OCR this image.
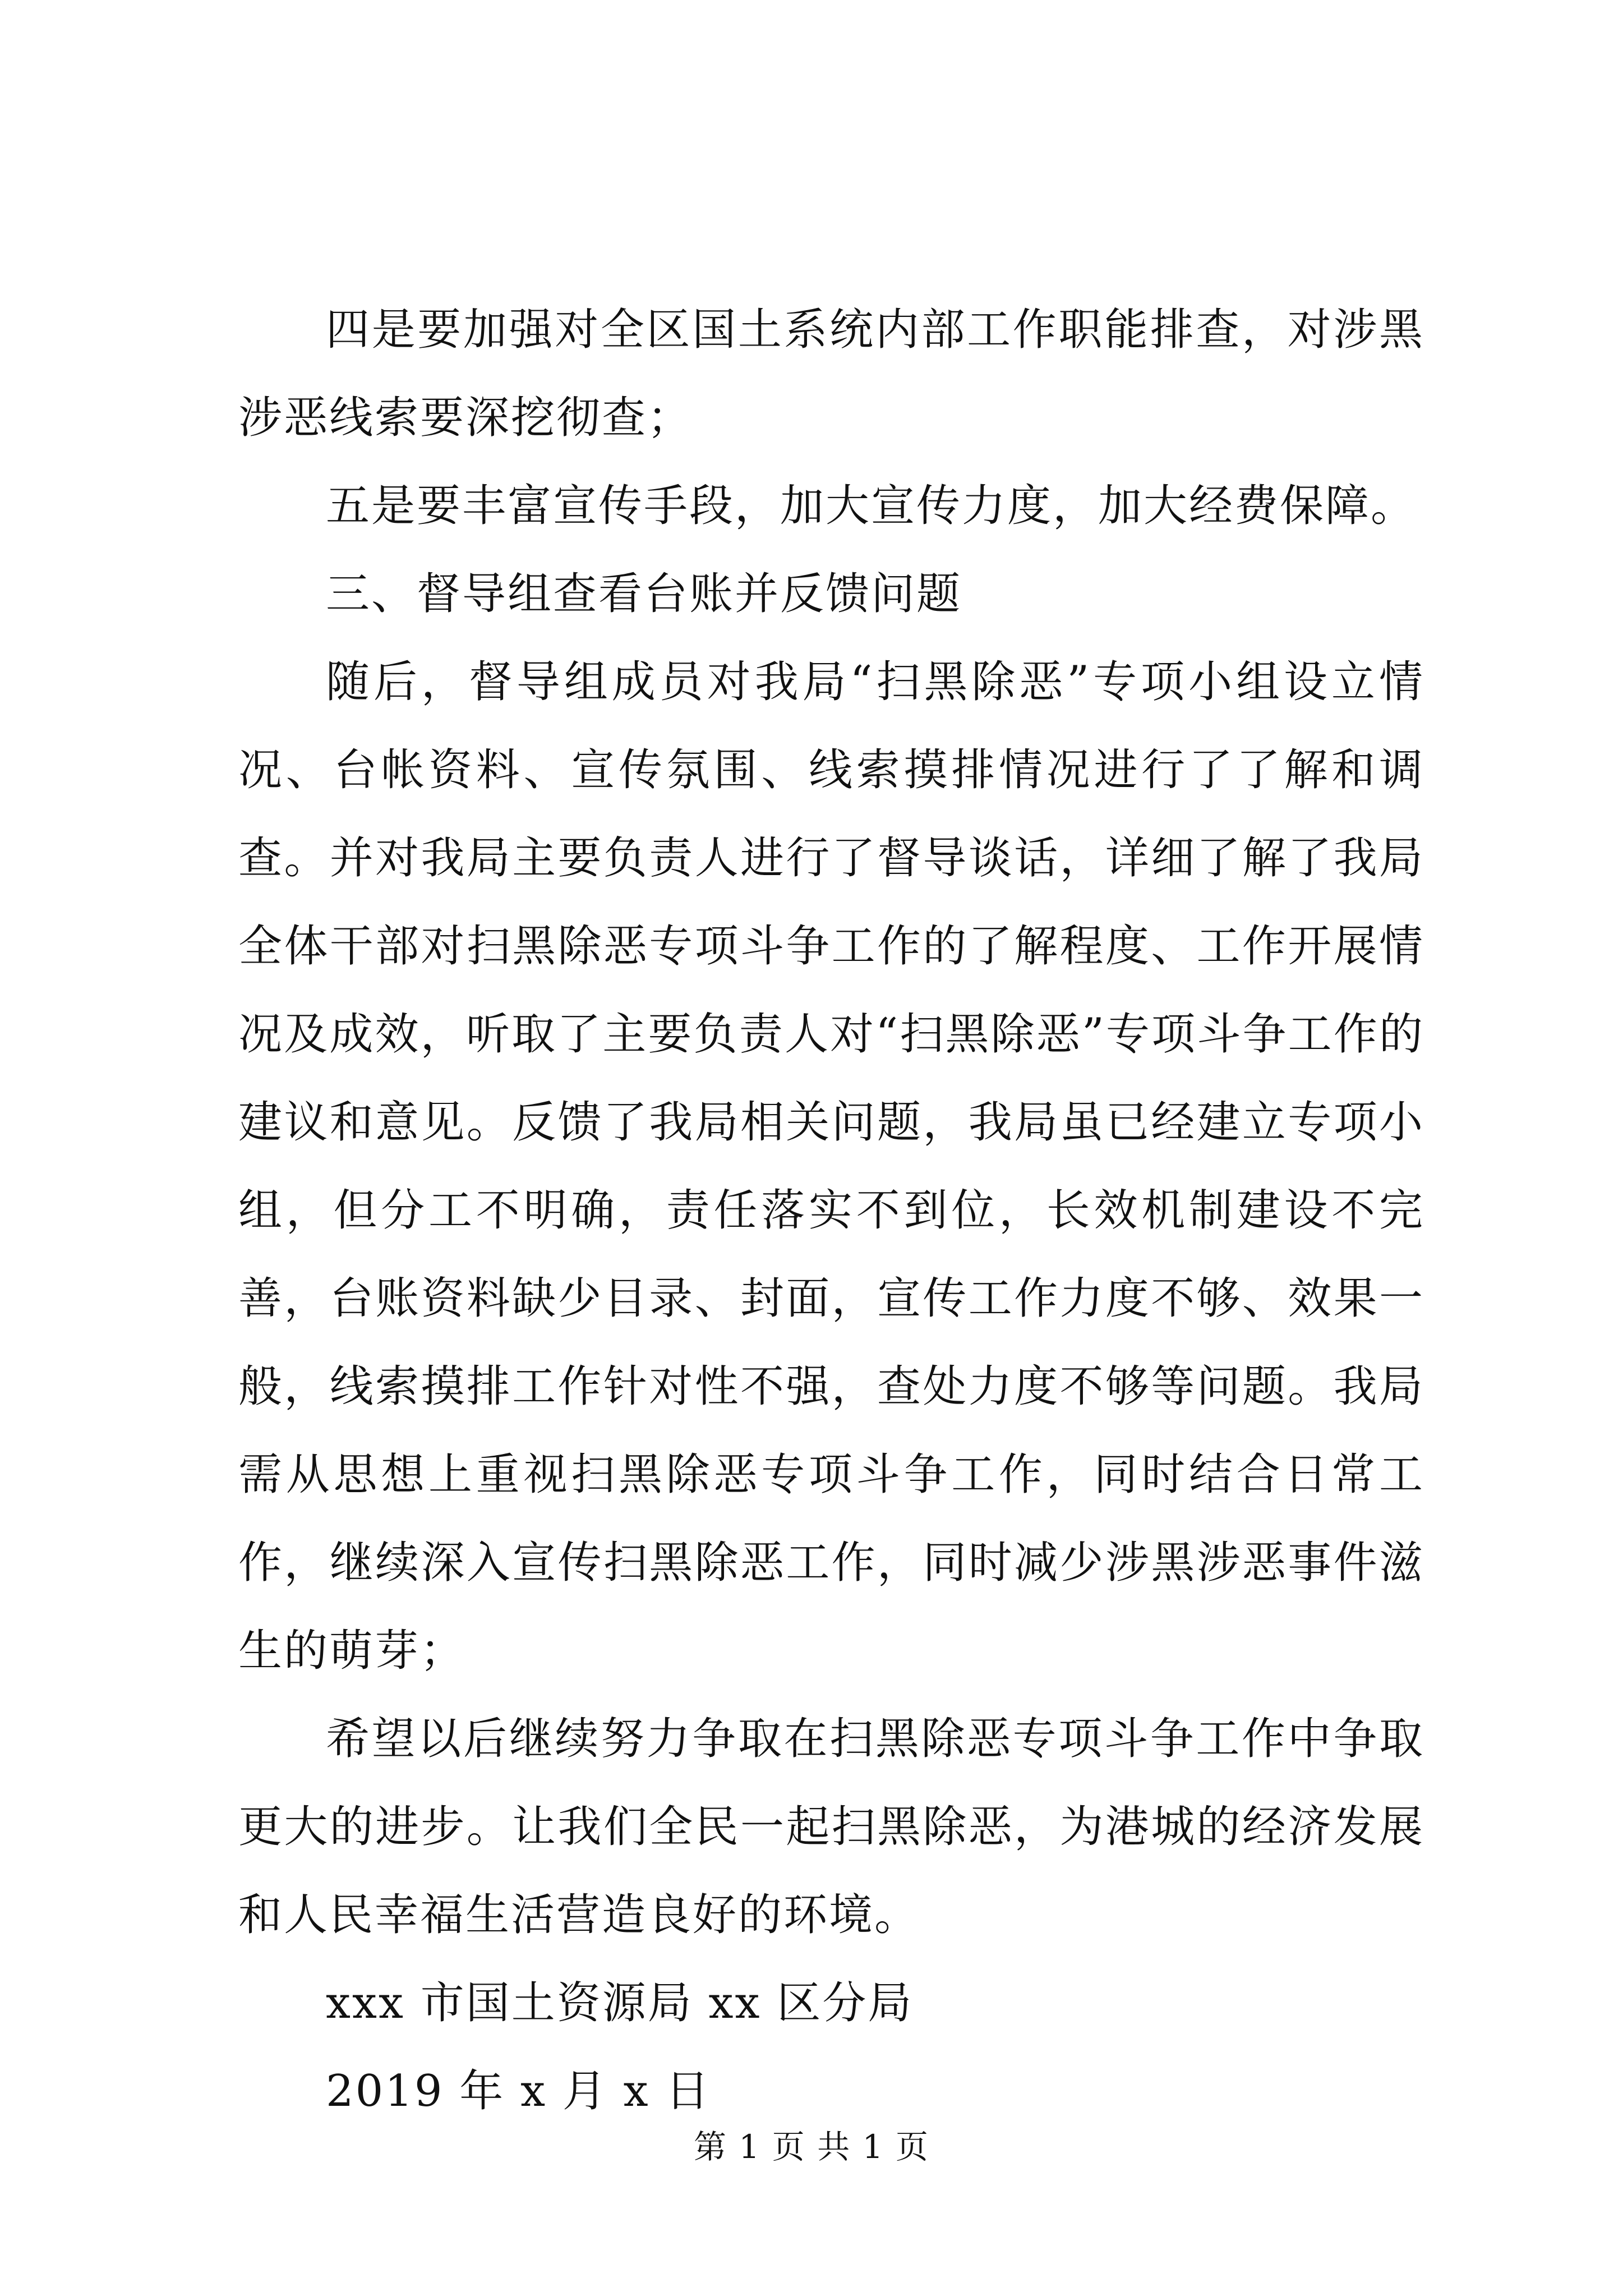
四是要加强对全区国土系统内部工作职能排查，对涉黑涉恶线索要深挖彻查；

五是要丰富宣传手段，加大宣传力度，加大经费保障。

三、督导组查看台账并反馈问题

随后，督导组成员对我局“扫黑除恶”专项小组设立情况、台帐资料、宣传氛围、线索摸排情况进行了了解和调查。并对我局主要负责人进行了督导谈话，详细了解了我局全体干部对扫黑除恶专项斗争工作的了解程度、工作开展情况及成效，听取了主要负责人对“扫黑除恶”专项斗争工作的建议和意见。反馈了我局相关问题，我局虽已经建立专项小组，但分工不明确，责任落实不到位，长效机制建设不完善，台账资料缺少目录、封面，宣传工作力度不够、效果一般，线索摸排工作针对性不强，查处力度不够等问题。我局需从思想上重视扫黑除恶专项斗争工作，同时结合日常工作，继续深入宣传扫黑除恶工作，同时减少涉黑涉恶事件滋生的萌芽；

希望以后继续努力争取在扫黑除恶专项斗争工作中争取更大的进步。让我们全民一起扫黑除恶，为港城的经济发展和人民幸福生活营造良好的环境。

xxx 市国土资源局 xx 区分局

2019 年 x 月 x 日

第 1 页 共 1 页
